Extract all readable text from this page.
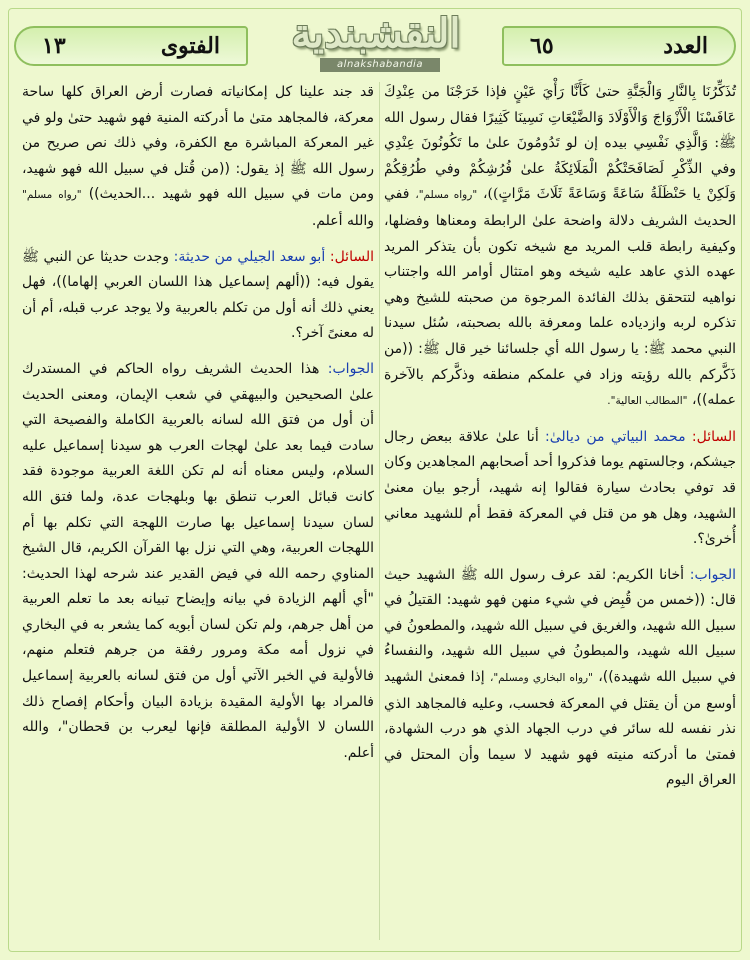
الفتوى
١٣	النقشبندية
alnakshabandia
العدد
٦٥

تُذَكِّرُنَا بِالنَّارِ وَالْجَنَّةِ حتىٰ كَأَنَّا رَأْيَ عَيْنٍ فإذا خَرَجْنَا من عِنْدِكَ عَافَسْنَا الْأَزْوَاجَ وَالْأَوْلَادَ وَالضَّيْعَاتِ نَسِينَا كَثِيرًا فقال رسول الله ﷺ: وَالَّذِي نَفْسِي بيده إن لو تَدُومُونَ علىٰ ما تَكُونُونَ عِنْدِي وفي الذِّكْرِ لَصَافَحَتْكُمْ الْمَلَائِكَةُ علىٰ فُرُشِكُمْ وفي طُرُقِكُمْ وَلَكِنْ يا حَنْظَلَةُ سَاعَةً وَسَاعَةً ثَلَاثَ مَرَّاتٍ))، "رواه مسلم"، ففي الحديث الشريف دلالة واضحة علىٰ الرابطة ومعناها وفضلها، وكيفية رابطة قلب المريد مع شيخه تكون بأن يتذكر المريد عهده الذي عاهد عليه شيخه وهو امتثال أوامر الله واجتناب نواهيه لتتحقق بذلك الفائدة المرجوة من صحبته للشيخ وهي تذكره لربه وازدياده علما ومعرفة بالله بصحبته، سُئل سيدنا النبي محمد ﷺ: يا رسول الله أي جلسائنا خير قال ﷺ: ((من ذَكَّركم بالله رؤيته وزاد في علمكم منطقه وذكَّركم بالآخرة عمله))، "المطالب العالية".

السائل: محمد البياتي من ديالىٰ: أنا علىٰ علاقة ببعض رجال جيشكم، وجالستهم يوما فذكروا أحد أصحابهم المجاهدين وكان قد توفي بحادث سيارة فقالوا إنه شهيد، أرجو بيان معنىٰ الشهيد، وهل هو من قتل في المعركة فقط أم للشهيد معاني أُخرىٰ؟.

الجواب: أخانا الكريم: لقد عرف رسول الله ﷺ الشهيد حيث قال: ((خمس من قُبِض في شيء منهن فهو شهيد: القتيلُ في سبيل الله شهيد، والغريق في سبيل الله شهيد، والمطعونُ في سبيل الله شهيد، والمبطونُ في سبيل الله شهيد، والنفساءُ في سبيل الله شهيدة))، "رواه البخاري ومسلم"، إذا فمعنىٰ الشهيد أوسع من أن يقتل في المعركة فحسب، وعليه فالمجاهد الذي نذر نفسه لله سائر في درب الجهاد الذي هو درب الشهادة، فمتىٰ ما أدركته منيته فهو شهيد لا سيما وأن المحتل في العراق اليوم

قد جند علينا كل إمكانياته فصارت أرض العراق كلها ساحة معركة، فالمجاهد متىٰ ما أدركته المنية فهو شهيد حتىٰ ولو في غير المعركة المباشرة مع الكفرة، وفي ذلك نص صريح من رسول الله ﷺ إذ يقول: ((من قُتل في سبيل الله فهو شهيد، ومن مات في سبيل الله فهو شهيد ...الحديث)) "رواه مسلم" والله أعلم.

السائل: أبو سعد الجيلي من حديثة: وجدت حديثا عن النبي ﷺ يقول فيه: ((ألهم إسماعيل هذا اللسان العربي إلهاما))، فهل يعني ذلك أنه أول من تكلم بالعربية ولا يوجد عرب قبله، أم أن له معنىً آخر؟.

الجواب: هذا الحديث الشريف رواه الحاكم في المستدرك علىٰ الصحيحين والبيهقي في شعب الإيمان، ومعنى الحديث أن أول من فتق الله لسانه بالعربية الكاملة والفصيحة التي سادت فيما بعد علىٰ لهجات العرب هو سيدنا إسماعيل عليه السلام، وليس معناه أنه لم تكن اللغة العربية موجودة فقد كانت قبائل العرب تنطق بها وبلهجات عدة، ولما فتق الله لسان سيدنا إسماعيل بها صارت اللهجة التي تكلم بها أم اللهجات العربية، وهي التي نزل بها القرآن الكريم، قال الشيخ المناوي رحمه الله في فيض القدير عند شرحه لهذا الحديث: "أي ألهم الزيادة في بيانه وإيضاح تبيانه بعد ما تعلم العربية من أهل جرهم، ولم تكن لسان أبويه كما يشعر به في البخاري في نزول أمه مكة ومرور رفقة من جرهم فتعلم منهم، فالأولية في الخبر الآتي أول من فتق لسانه بالعربية إسماعيل فالمراد بها الأولية المقيدة بزيادة البيان وأحكام إفصاح ذلك اللسان لا الأولية المطلقة فإنها ليعرب بن قحطان"، والله أعلم.
